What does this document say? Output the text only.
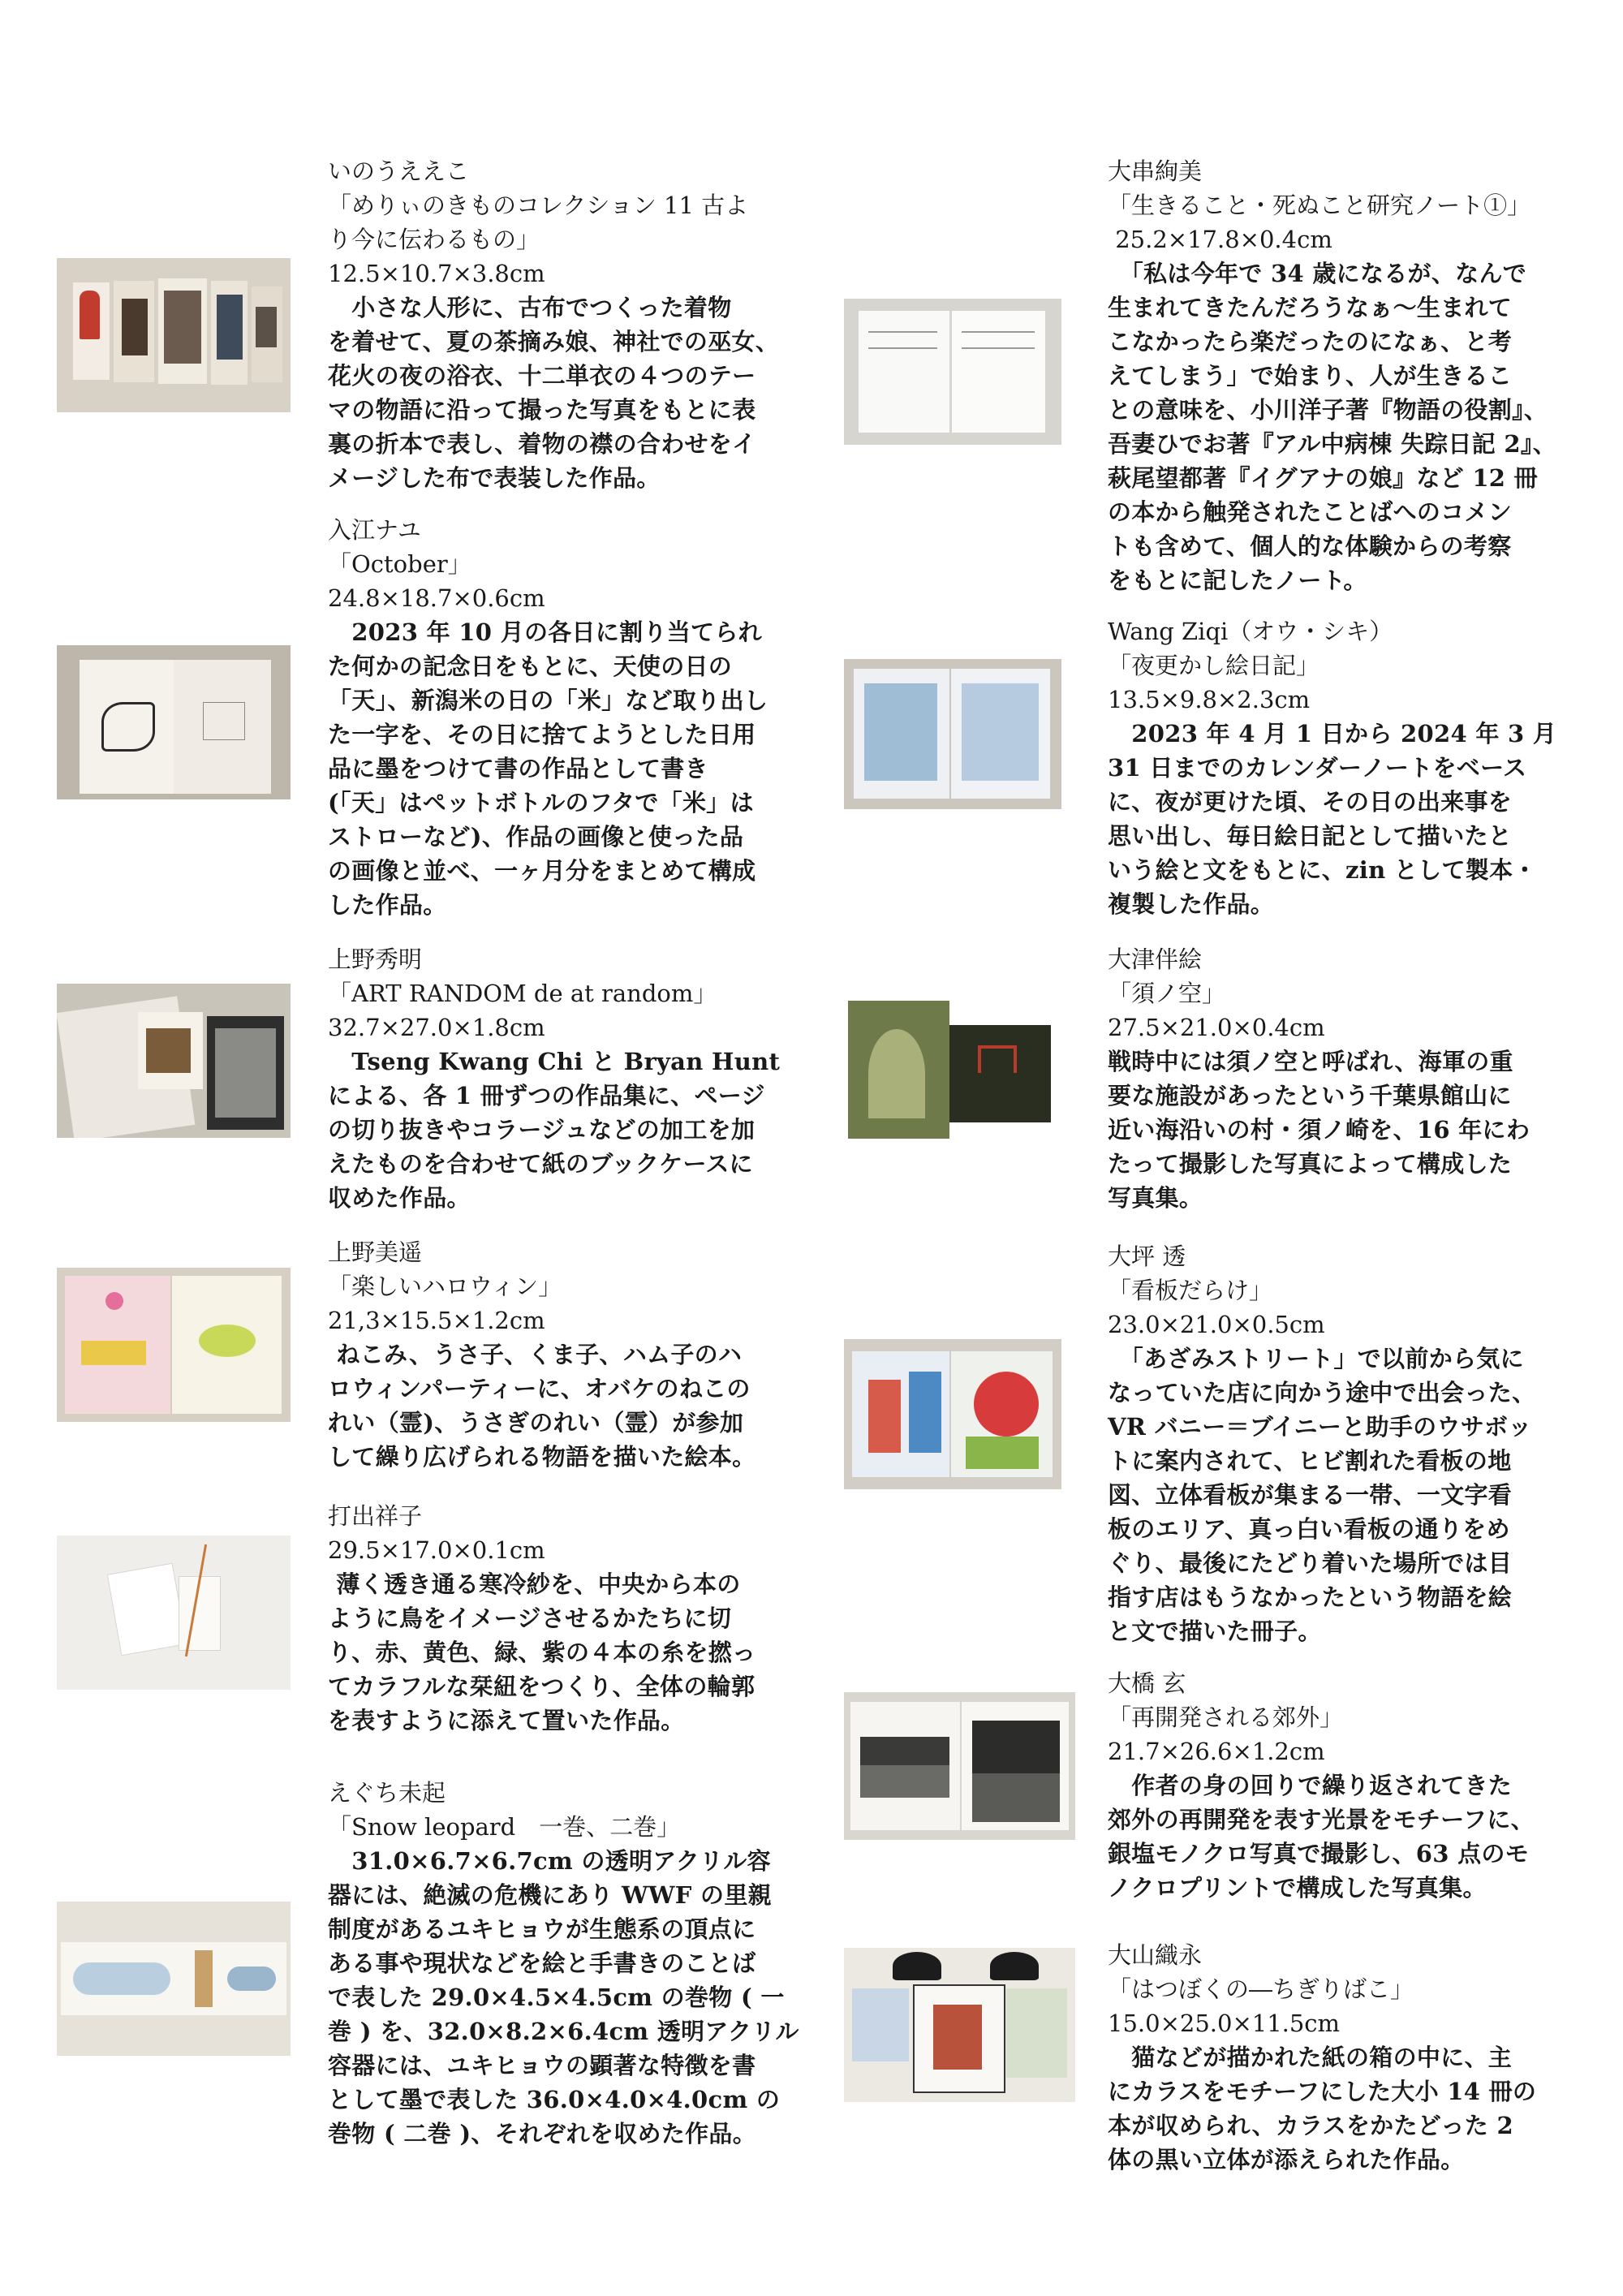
いのうええこ
「めりぃのきものコレクション 11 古よ
り今に伝わるもの」
12.5×10.7×3.8cm
　小さな人形に、古布でつくった着物
を着せて、夏の茶摘み娘、神社での巫女、
花火の夜の浴衣、十二単衣の４つのテー
マの物語に沿って撮った写真をもとに表
裏の折本で表し、着物の襟の合わせをイ
メージした布で表装した作品。
入江ナユ
「October」
24.8×18.7×0.6cm
　2023 年 10 月の各日に割り当てられ
た何かの記念日をもとに、天使の日の
「天」、新潟米の日の「米」など取り出し
た一字を、その日に捨てようとした日用
品に墨をつけて書の作品として書き
(「天」はペットボトルのフタで「米」は
ストローなど)、作品の画像と使った品
の画像と並べ、一ヶ月分をまとめて構成
した作品。
上野秀明
「ART RANDOM de at random」
32.7×27.0×1.8cm
　Tseng Kwang Chi と Bryan Hunt
による、各 1 冊ずつの作品集に、ページ
の切り抜きやコラージュなどの加工を加
えたものを合わせて紙のブックケースに
収めた作品。
上野美遥
「楽しいハロウィン」
21,3×15.5×1.2cm
ねこみ、うさ子、くま子、ハム子のハ
ロウィンパーティーに、オバケのねこの
れい（霊)、うさぎのれい（霊）が参加
して繰り広げられる物語を描いた絵本。
打出祥子
29.5×17.0×0.1cm
薄く透き通る寒冷紗を、中央から本の
ように鳥をイメージさせるかたちに切
り、赤、黄色、緑、紫の４本の糸を撚っ
てカラフルな栞紐をつくり、全体の輪郭
を表すように添えて置いた作品。
えぐち未起
「Snow leopard　一巻、二巻」
　31.0×6.7×6.7cm の透明アクリル容
器には、絶滅の危機にあり WWF の里親
制度があるユキヒョウが生態系の頂点に
ある事や現状などを絵と手書きのことば
で表した 29.0×4.5×4.5cm の巻物 ( 一
巻 ) を、32.0×8.2×6.4cm 透明アクリル
容器には、ユキヒョウの顕著な特徴を書
として墨で表した 36.0×4.0×4.0cm の
巻物 ( 二巻 )、それぞれを収めた作品。
大串絢美
「生きること・死ぬこと研究ノート①」
25.2×17.8×0.4cm
　「私は今年で 34 歳になるが、なんで
生まれてきたんだろうなぁ〜生まれて
こなかったら楽だったのになぁ、と考
えてしまう」で始まり、人が生きるこ
との意味を、小川洋子著『物語の役割』、
吾妻ひでお著『アル中病棟 失踪日記 2』、
萩尾望都著『イグアナの娘』など 12 冊
の本から触発されたことばへのコメン
トも含めて、個人的な体験からの考察
をもとに記したノート。
Wang Ziqi（オウ・シキ）
「夜更かし絵日記」
13.5×9.8×2.3cm
　2023 年 4 月 1 日から 2024 年 3 月
31 日までのカレンダーノートをベース
に、夜が更けた頃、その日の出来事を
思い出し、毎日絵日記として描いたと
いう絵と文をもとに、zin として製本・
複製した作品。
大津伴絵
「須ノ空」
27.5×21.0×0.4cm
戦時中には須ノ空と呼ばれ、海軍の重
要な施設があったという千葉県館山に
近い海沿いの村・須ノ崎を、16 年にわ
たって撮影した写真によって構成した
写真集。
大坪 透
「看板だらけ」
23.0×21.0×0.5cm
　「あざみストリート」で以前から気に
なっていた店に向かう途中で出会った、
VR バニー＝ブイニーと助手のウサボッ
トに案内されて、ヒビ割れた看板の地
図、立体看板が集まる一帯、一文字看
板のエリア、真っ白い看板の通りをめ
ぐり、最後にたどり着いた場所では目
指す店はもうなかったという物語を絵
と文で描いた冊子。
大橋 玄
「再開発される郊外」
21.7×26.6×1.2cm
　作者の身の回りで繰り返されてきた
郊外の再開発を表す光景をモチーフに、
銀塩モノクロ写真で撮影し、63 点のモ
ノクロプリントで構成した写真集。
大山織永
「はつぼくの―ちぎりばこ」
15.0×25.0×11.5cm
　猫などが描かれた紙の箱の中に、主
にカラスをモチーフにした大小 14 冊の
本が収められ、カラスをかたどった 2
体の黒い立体が添えられた作品。
